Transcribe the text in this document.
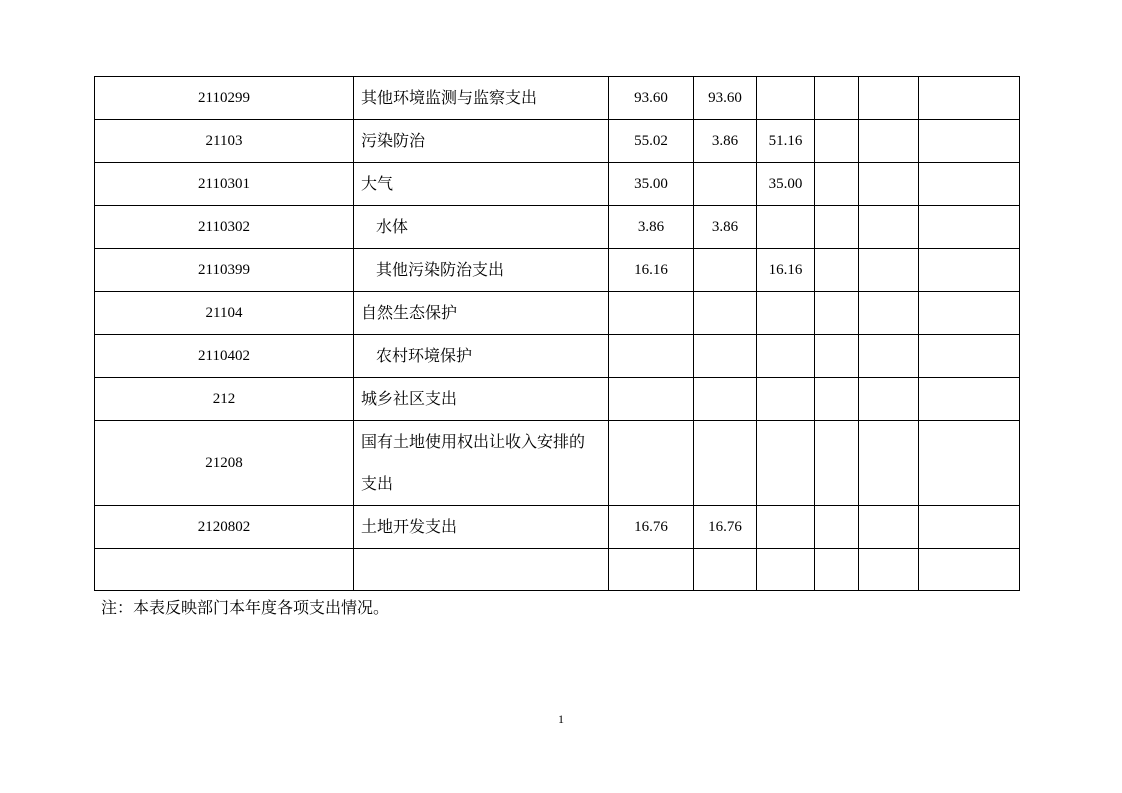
2110299	其他环境监测与监察支出	93.60	93.60				
21103	污染防治	55.02	3.86	51.16			
2110301	大气	35.00		35.00			
2110302	水体	3.86	3.86				
2110399	其他污染防治支出	16.16		16.16			
21104	自然生态保护						

2110402	农村环境保护						

212	城乡社区支出						

21208	国有土地使用权出让收入安排的支出						

2120802	土地开发支出	16.76	16.76				

注：本表反映部门本年度各项支出情况。
1
